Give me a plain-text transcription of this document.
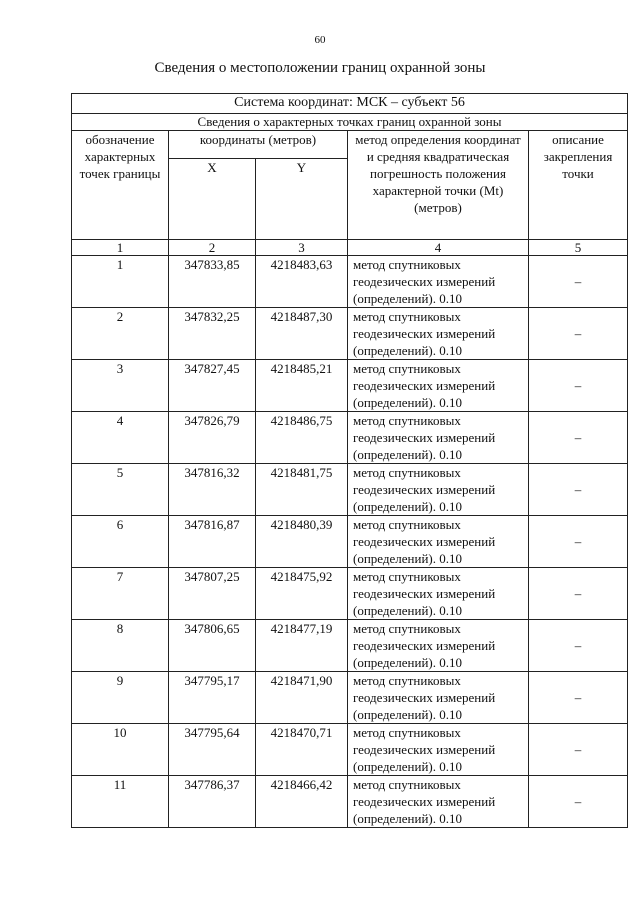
60
Сведения о местоположении границ охранной зоны
Система координат: МСК – субъект 56				
Сведения о характерных точках границ охранной зоны				
обозначение характерных точек границы	координаты (метров)		метод определения координат и средняя квадратическая погрешность положения характерной точки (Mt) (метров)	описание закрепления точки
	X	Y		
1	2	3	4	5
1	347833,85	4218483,63	метод спутниковых геодезических измерений (определений). 0.10	–
2	347832,25	4218487,30	метод спутниковых геодезических измерений (определений). 0.10	–
3	347827,45	4218485,21	метод спутниковых геодезических измерений (определений). 0.10	–
4	347826,79	4218486,75	метод спутниковых геодезических измерений (определений). 0.10	–
5	347816,32	4218481,75	метод спутниковых геодезических измерений (определений). 0.10	–
6	347816,87	4218480,39	метод спутниковых геодезических измерений (определений). 0.10	–
7	347807,25	4218475,92	метод спутниковых геодезических измерений (определений). 0.10	–
8	347806,65	4218477,19	метод спутниковых геодезических измерений (определений). 0.10	–
9	347795,17	4218471,90	метод спутниковых геодезических измерений (определений). 0.10	–
10	347795,64	4218470,71	метод спутниковых геодезических измерений (определений). 0.10	–
11	347786,37	4218466,42	метод спутниковых геодезических измерений (определений). 0.10	–
